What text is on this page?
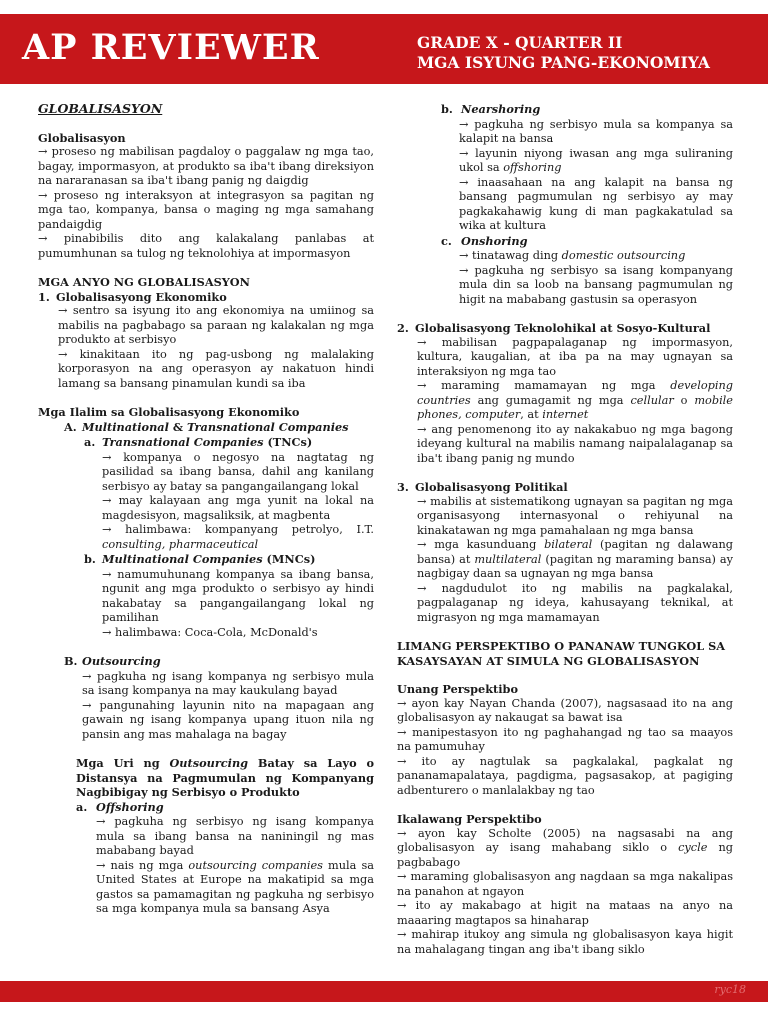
AP REVIEWER	GRADE X - QUARTER II
MGA ISYUNG PANG-EKONOMIYA

GLOBALISASYON

Globalisasyon

→ proseso ng mabilisan pagdaloy o paggalaw ng mga tao, bagay, impormasyon, at produkto sa iba't ibang direksiyon na nararanasan sa iba't ibang panig ng daigdig

→ proseso ng interaksyon at integrasyon sa pagitan ng mga tao, kompanya, bansa o maging ng mga samahang pandaigdig

→ pinabibilis dito ang kalakalang panlabas at pumumhunan sa tulog ng teknolohiya at impormasyon

MGA ANYO NG GLOBALISASYON

1. Globalisasyong Ekonomiko

→ sentro sa isyung ito ang ekonomiya na umiinog sa mabilis na pagbabago sa paraan ng kalakalan ng mga produkto at serbisyo

→ kinakitaan ito ng pag-usbong ng malalaking korporasyon na ang operasyon ay nakatuon hindi lamang sa bansang pinamulan kundi sa iba

Mga Ilalim sa Globalisasyong Ekonomiko

A. Multinational & Transnational Companies

a. Transnational Companies (TNCs)

→ kompanya o negosyo na nagtatag ng pasilidad sa ibang bansa, dahil ang kanilang serbisyo ay batay sa pangangailangang lokal

→ may kalayaan ang mga yunit na lokal na magdesisyon, magsaliksik, at magbenta

→ halimbawa: kompanyang petrolyo, I.T. consulting, pharmaceutical

b. Multinational Companies (MNCs)

→ namumuhunang kompanya sa ibang bansa, ngunit ang mga produkto o serbisyo ay hindi nakabatay sa pangangailangang lokal ng pamilihan

→ halimbawa: Coca-Cola, McDonald's

B. Outsourcing

→ pagkuha ng isang kompanya ng serbisyo mula sa isang kompanya na may kaukulang bayad

→ pangunahing layunin nito na mapagaan ang gawain ng isang kompanya upang ituon nila ng pansin ang mas mahalaga na bagay

Mga Uri ng Outsourcing Batay sa Layo o Distansya na Pagmumulan ng Kompanyang Nagbibigay ng Serbisyo o Produkto

a. Offshoring

→ pagkuha ng serbisyo ng isang kompanya mula sa ibang bansa na naniningil ng mas mababang bayad

→ nais ng mga outsourcing companies mula sa United States at Europe na makatipid sa mga gastos sa pamamagitan ng pagkuha ng serbisyo sa mga kompanya mula sa bansang Asya

b. Nearshoring

→ pagkuha ng serbisyo mula sa kompanya sa kalapit na bansa

→ layunin niyong iwasan ang mga suliraning ukol sa offshoring

→ inaasahaan na ang kalapit na bansa ng bansang pagmumulan ng serbisyo ay may pagkakahawig kung di man pagkakatulad sa wika at kultura

c. Onshoring

→ tinatawag ding domestic outsourcing

→ pagkuha ng serbisyo sa isang kompanyang mula din sa loob na bansang pagmumulan ng higit na mababang gastusin sa operasyon

2. Globalisasyong Teknolohikal at Sosyo-Kultural

→ mabilisan pagpapalaganap ng impormasyon, kultura, kaugalian, at iba pa na may ugnayan sa interaksiyon ng mga tao

→ maraming mamamayan ng mga developing countries ang gumagamit ng mga cellular o mobile phones, computer, at internet

→ ang penomenong ito ay nakakabuo ng mga bagong ideyang kultural na mabilis namang naipalalaganap sa iba't ibang panig ng mundo

3. Globalisasyong Politikal

→ mabilis at sistematikong ugnayan sa pagitan ng mga organisasyong internasyonal o rehiyunal na kinakatawan ng mga pamahalaan ng mga bansa

→ mga kasunduang bilateral (pagitan ng dalawang bansa) at multilateral (pagitan ng maraming bansa) ay nagbigay daan sa ugnayan ng mga bansa

→ nagdudulot ito ng mabilis na pagkalakal, pagpalaganap ng ideya, kahusayang teknikal, at migrasyon ng mga mamamayan

LIMANG PERSPEKTIBO O PANANAW TUNGKOL SA KASAYSAYAN AT SIMULA NG GLOBALISASYON

Unang Perspektibo

→ ayon kay Nayan Chanda (2007), nagsasaad ito na ang globalisasyon ay nakaugat sa bawat isa

→ manipestasyon ito ng paghahangad ng tao sa maayos na pamumuhay

→ ito ay nagtulak sa pagkalakal, pagkalat ng pananamapalataya, pagdigma, pagsasakop, at pagiging adbenturero o manlalakbay ng tao

Ikalawang Perspektibo

→ ayon kay Scholte (2005) na nagsasabi na ang globalisasyon ay isang mahabang siklo o cycle ng pagbabago

→ maraming globalisasyon ang nagdaan sa mga nakalipas na panahon at ngayon

→ ito ay makabago at higit na mataas na anyo na maaaring magtapos sa hinaharap

→ mahirap itukoy ang simula ng globalisasyon kaya higit na mahalagang tingan ang iba't ibang siklo

ryc18
